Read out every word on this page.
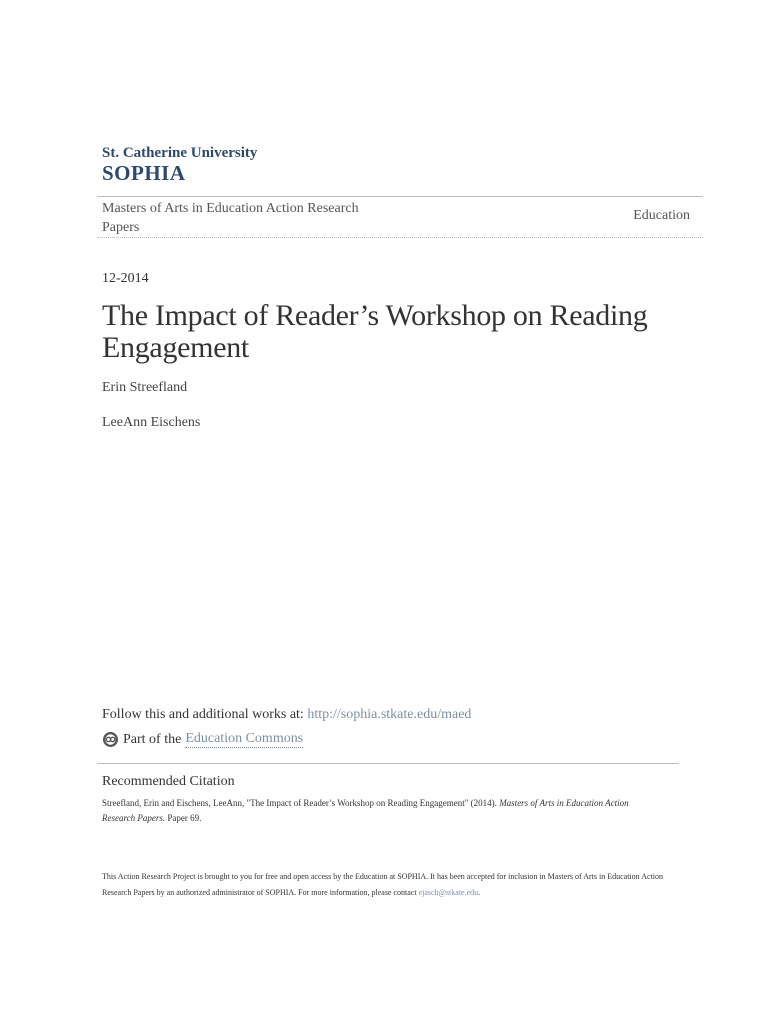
St. Catherine University
SOPHIA
Masters of Arts in Education Action Research Papers
Education
12-2014
The Impact of Reader’s Workshop on Reading Engagement
Erin Streefland
LeeAnn Eischens
Follow this and additional works at: http://sophia.stkate.edu/maed
Part of the Education Commons
Recommended Citation
Streefland, Erin and Eischens, LeeAnn, "The Impact of Reader’s Workshop on Reading Engagement" (2014). Masters of Arts in Education Action Research Papers. Paper 69.
This Action Research Project is brought to you for free and open access by the Education at SOPHIA. It has been accepted for inclusion in Masters of Arts in Education Action Research Papers by an authorized administrator of SOPHIA. For more information, please contact ejasch@stkate.edu.
